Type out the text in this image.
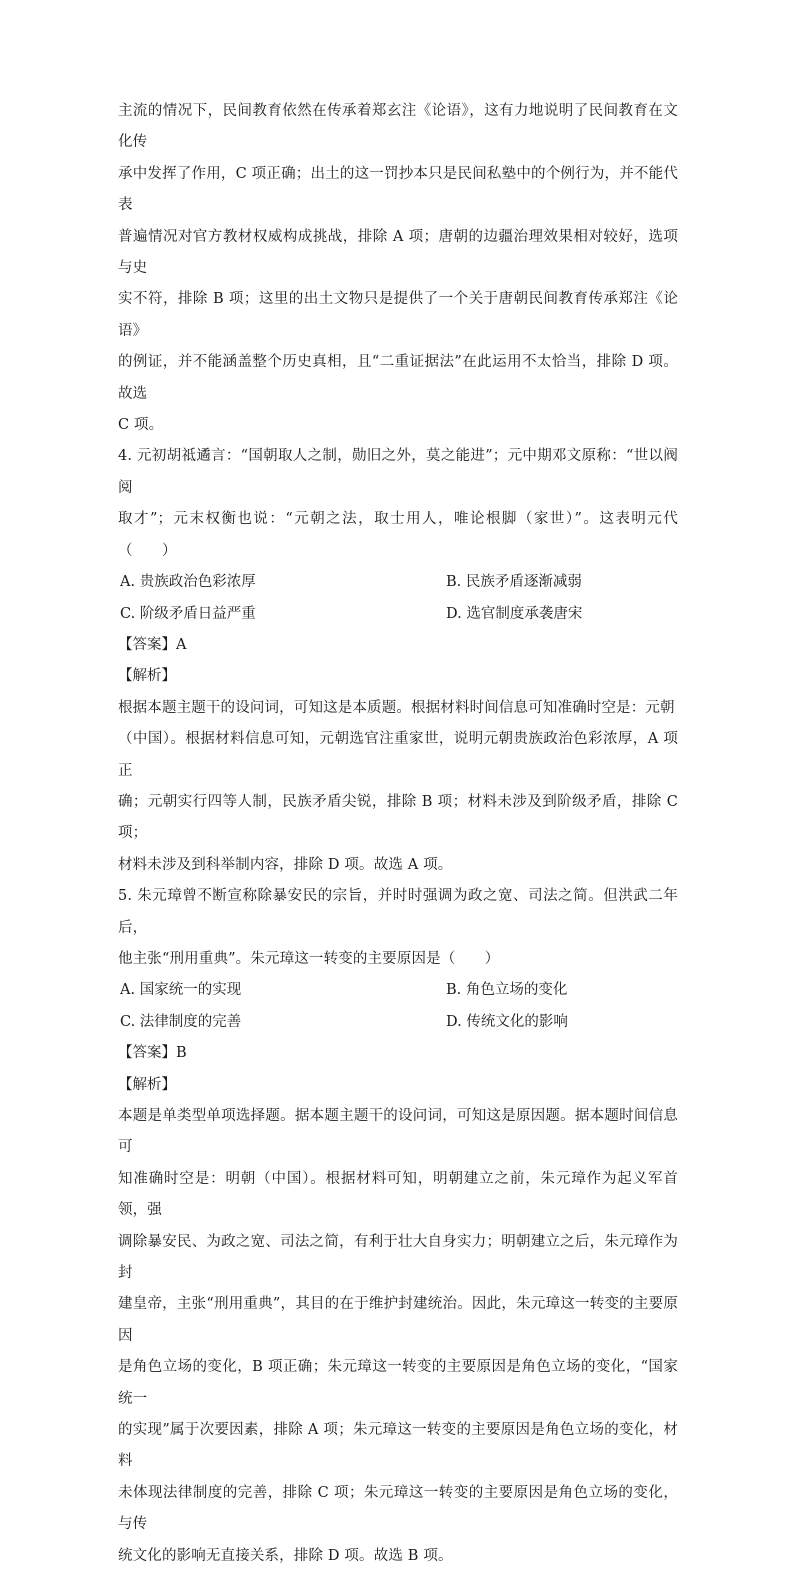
主流的情况下，民间教育依然在传承着郑玄注《论语》，这有力地说明了民间教育在文化传

承中发挥了作用，C 项正确；出土的这一罚抄本只是民间私塾中的个例行为，并不能代表

普遍情况对官方教材权威构成挑战，排除 A 项；唐朝的边疆治理效果相对较好，选项与史

实不符，排除 B 项；这里的出土文物只是提供了一个关于唐朝民间教育传承郑注《论语》

的例证，并不能涵盖整个历史真相，且“二重证据法”在此运用不太恰当，排除 D 项。故选

C 项。

4. 元初胡祗遹言：“国朝取人之制，勋旧之外，莫之能进”；元中期邓文原称：“世以阀阅

取才”；元末权衡也说：“元朝之法，取士用人，唯论根脚（家世）”。这表明元代（　　）

A. 贵族政治色彩浓厚	B. 民族矛盾逐渐减弱
C. 阶级矛盾日益严重	D. 选官制度承袭唐宋
【答案】A
【解析】

根据本题主题干的设问词，可知这是本质题。根据材料时间信息可知准确时空是：元朝

（中国）。根据材料信息可知，元朝选官注重家世，说明元朝贵族政治色彩浓厚，A 项正

确；元朝实行四等人制，民族矛盾尖锐，排除 B 项；材料未涉及到阶级矛盾，排除 C 项；

材料未涉及到科举制内容，排除 D 项。故选 A 项。

5. 朱元璋曾不断宣称除暴安民的宗旨，并时时强调为政之宽、司法之简。但洪武二年后，

他主张“刑用重典”。朱元璋这一转变的主要原因是（　　）

A. 国家统一的实现	B. 角色立场的变化
C. 法律制度的完善	D. 传统文化的影响
【答案】B
【解析】

本题是单类型单项选择题。据本题主题干的设问词，可知这是原因题。据本题时间信息可

知准确时空是：明朝（中国）。根据材料可知，明朝建立之前，朱元璋作为起义军首领，强

调除暴安民、为政之宽、司法之简，有利于壮大自身实力；明朝建立之后，朱元璋作为封

建皇帝，主张“刑用重典”，其目的在于维护封建统治。因此，朱元璋这一转变的主要原因

是角色立场的变化，B 项正确；朱元璋这一转变的主要原因是角色立场的变化，“国家统一

的实现”属于次要因素，排除 A 项；朱元璋这一转变的主要原因是角色立场的变化，材料

未体现法律制度的完善，排除 C 项；朱元璋这一转变的主要原因是角色立场的变化，与传

统文化的影响无直接关系，排除 D 项。故选 B 项。
